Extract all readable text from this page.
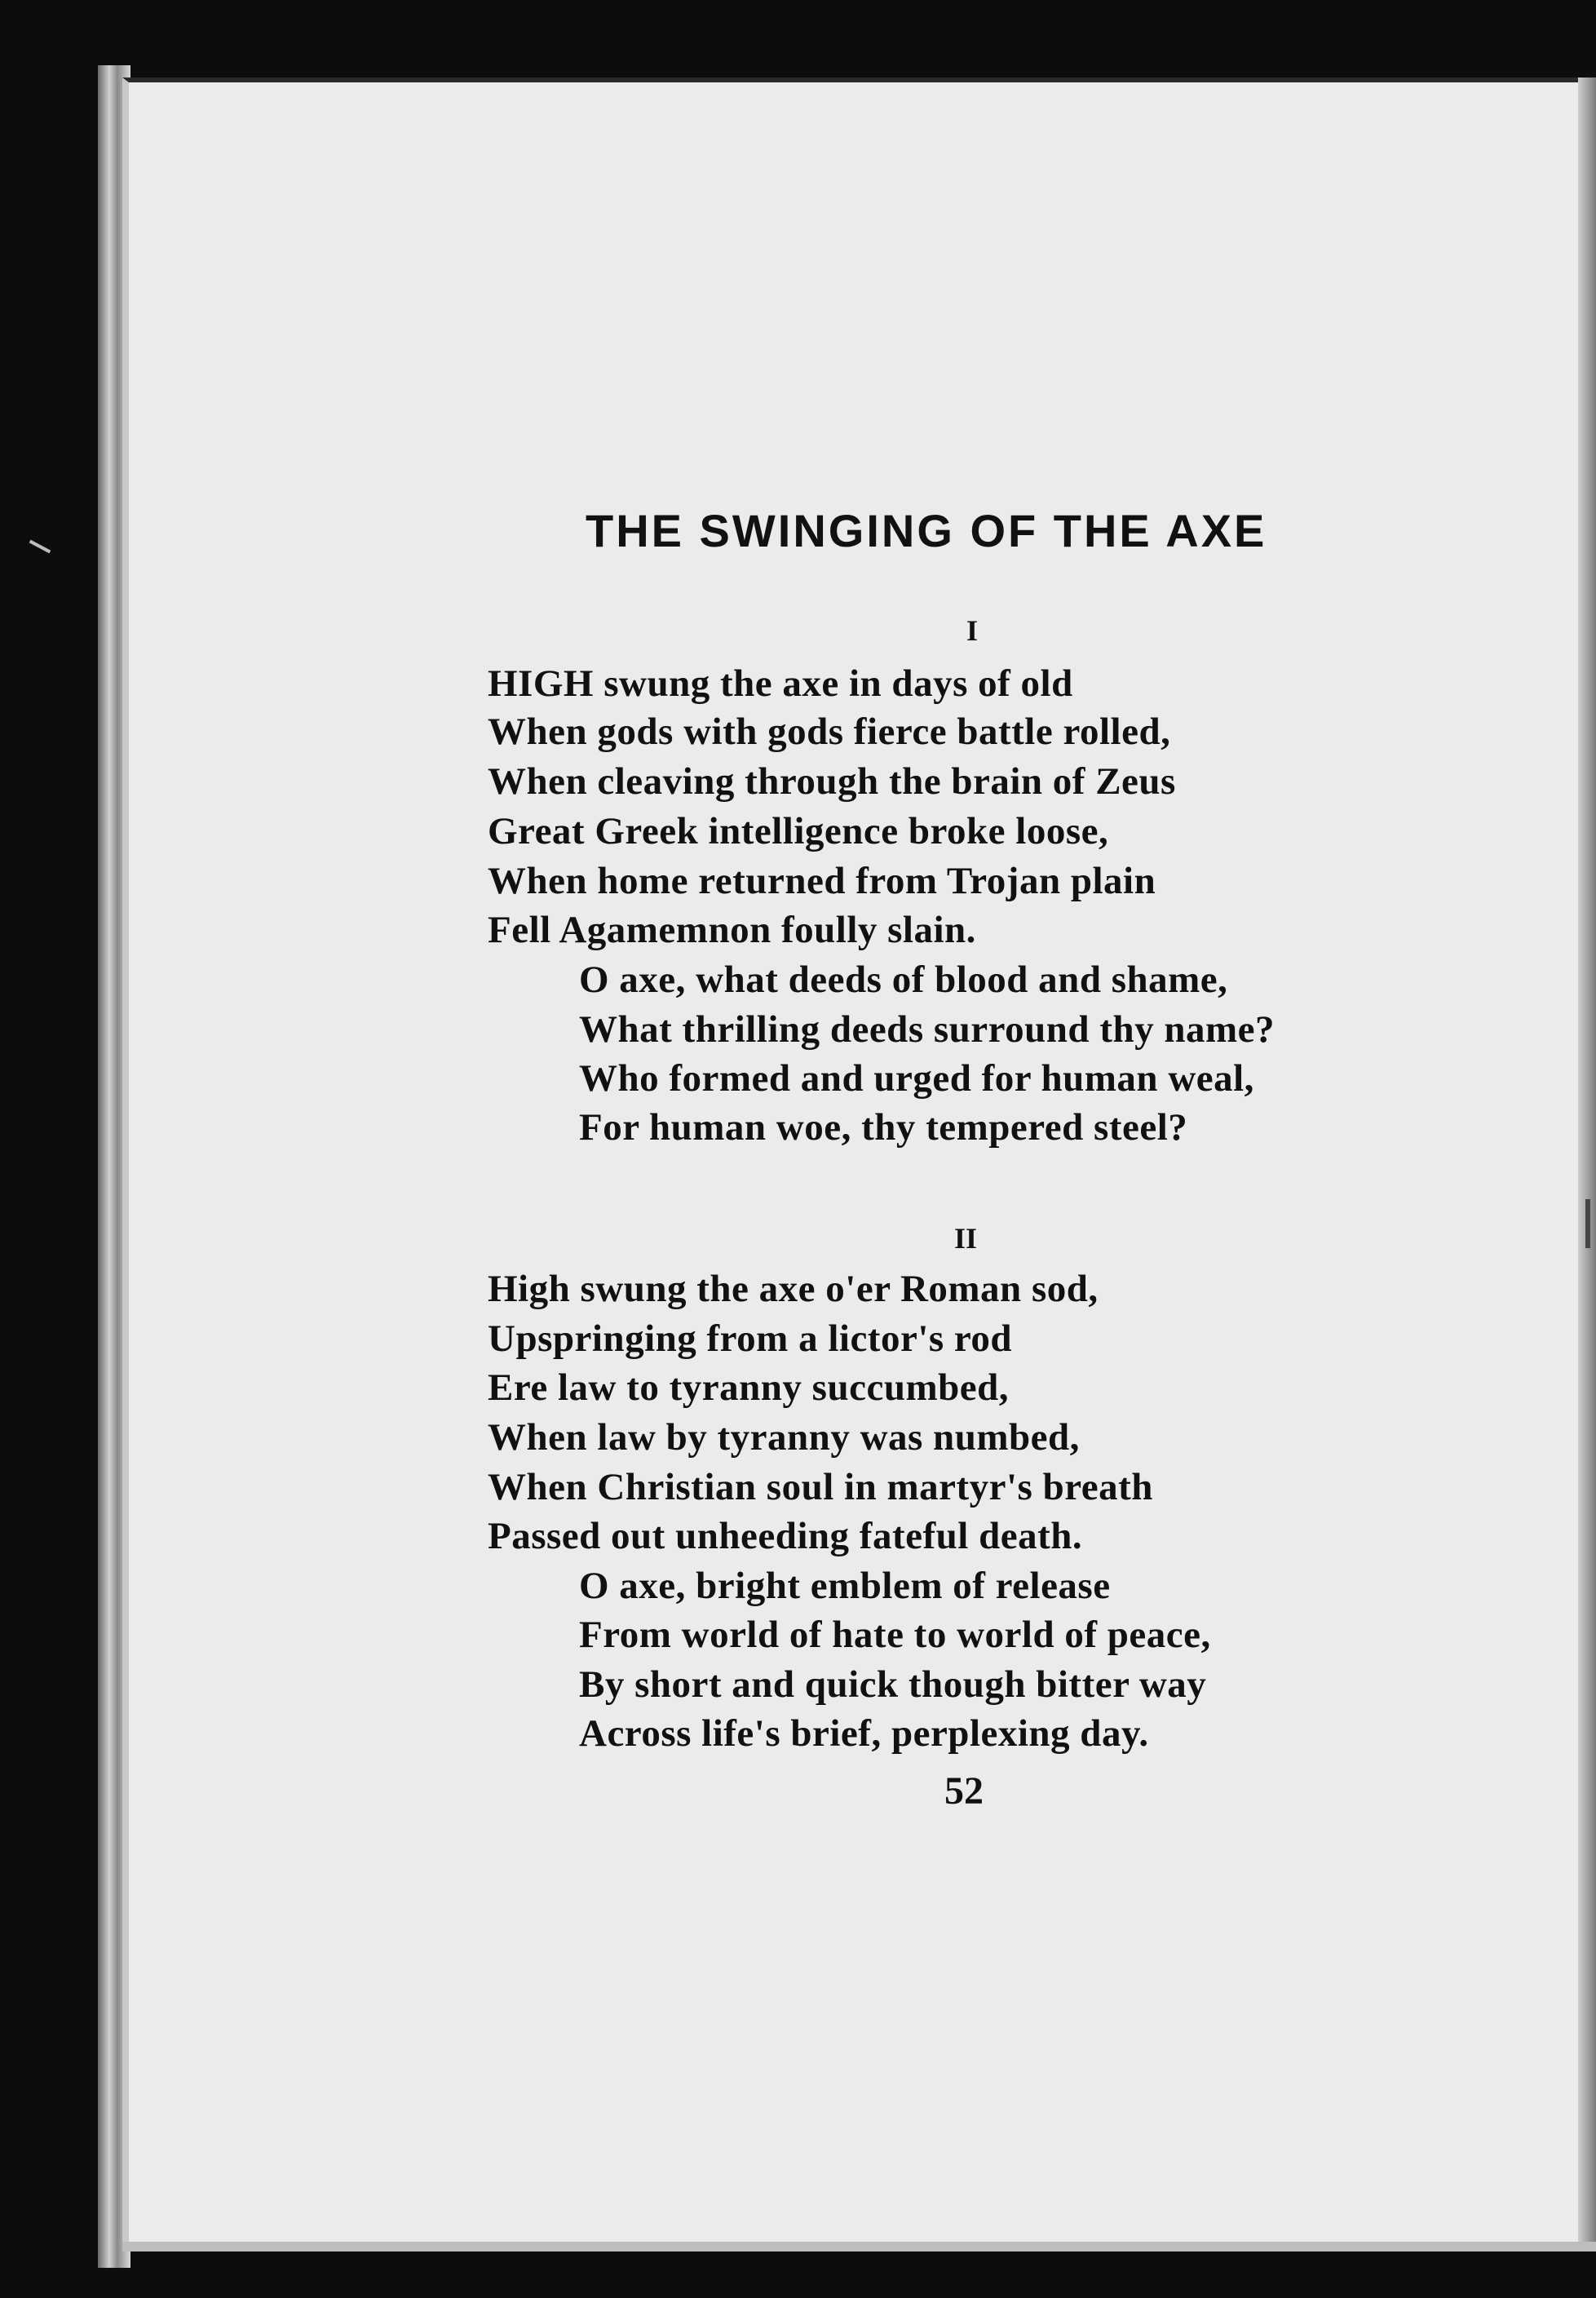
THE SWINGING OF THE AXE
I
HIGH swung the axe in days of old
When gods with gods fierce battle rolled,
When cleaving through the brain of Zeus
Great Greek intelligence broke loose,
When home returned from Trojan plain
Fell Agamemnon foully slain.
O axe, what deeds of blood and shame,
What thrilling deeds surround thy name?
Who formed and urged for human weal,
For human woe, thy tempered steel?
II
High swung the axe o'er Roman sod,
Upspringing from a lictor's rod
Ere law to tyranny succumbed,
When law by tyranny was numbed,
When Christian soul in martyr's breath
Passed out unheeding fateful death.
O axe, bright emblem of release
From world of hate to world of peace,
By short and quick though bitter way
Across life's brief, perplexing day.
52
